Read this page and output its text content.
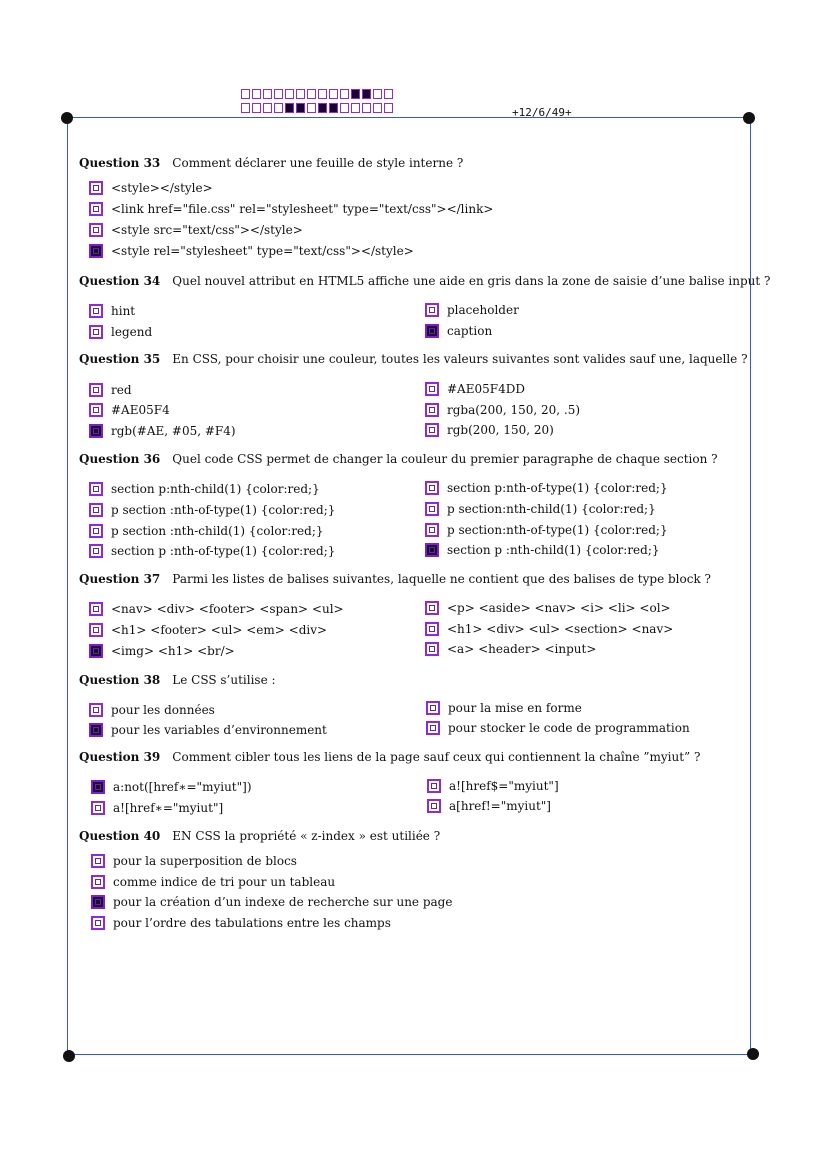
+12/6/49+
Question 33 Comment déclarer une feuille de style interne ?
<style></style>
<link href="file.css" rel="stylesheet" type="text/css"></link>
<style src="text/css"></style>
<style rel="stylesheet" type="text/css"></style>
Question 34 Quel nouvel attribut en HTML5 affiche une aide en gris dans la zone de saisie d’une balise input ?
hint
legend
placeholder
caption
Question 35 En CSS, pour choisir une couleur, toutes les valeurs suivantes sont valides sauf une, laquelle ?
red
#AE05F4
rgb(#AE, #05, #F4)
#AE05F4DD
rgba(200, 150, 20, .5)
rgb(200, 150, 20)
Question 36 Quel code CSS permet de changer la couleur du premier paragraphe de chaque section ?
section p:nth-child(1) {color:red;}
p section :nth-of-type(1) {color:red;}
p section :nth-child(1) {color:red;}
section p :nth-of-type(1) {color:red;}
section p:nth-of-type(1) {color:red;}
p section:nth-child(1) {color:red;}
p section:nth-of-type(1) {color:red;}
section p :nth-child(1) {color:red;}
Question 37 Parmi les listes de balises suivantes, laquelle ne contient que des balises de type block ?
<nav> <div> <footer> <span> <ul>
<h1> <footer> <ul> <em> <div>
<img> <h1> <br/>
<p> <aside> <nav> <i> <li> <ol>
<h1> <div> <ul> <section> <nav>
<a> <header> <input>
Question 38 Le CSS s’utilise :
pour les données
pour les variables d’environnement
pour la mise en forme
pour stocker le code de programmation
Question 39 Comment cibler tous les liens de la page sauf ceux qui contiennent la chaîne ”myiut” ?
a:not([href∗="myiut"])
a![href∗="myiut"]
a![href$="myiut"]
a[href!="myiut"]
Question 40 EN CSS la propriété « z-index » est utiliée ?
pour la superposition de blocs
comme indice de tri pour un tableau
pour la création d’un indexe de recherche sur une page
pour l’ordre des tabulations entre les champs
